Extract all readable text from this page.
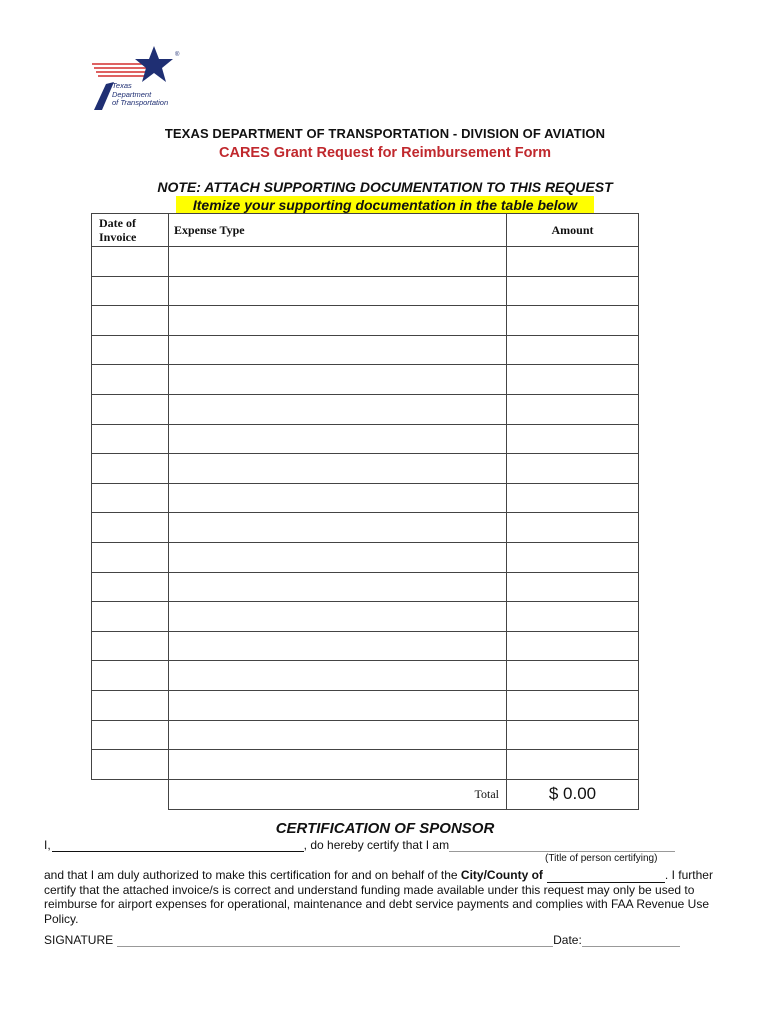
®
Texas
Department
of Transportation
TEXAS DEPARTMENT OF TRANSPORTATION - DIVISION OF AVIATION
CARES Grant Request for Reimbursement Form
NOTE: ATTACH SUPPORTING DOCUMENTATION TO THIS REQUEST
Itemize your supporting documentation in the table below
Date of
Invoice	Expense Type	Amount

	Total	$ 0.00
CERTIFICATION OF SPONSOR
I,	, do hereby certify that I am
(Title of person certifying)
and that I am duly authorized to make this certification for and on behalf of the City/County of	. I further certify that the attached invoice/s is correct and understand funding made available under this request may only be used to reimburse for airport expenses for operational, maintenance and debt service payments and complies with FAA Revenue Use Policy.
SIGNATURE	Date:
